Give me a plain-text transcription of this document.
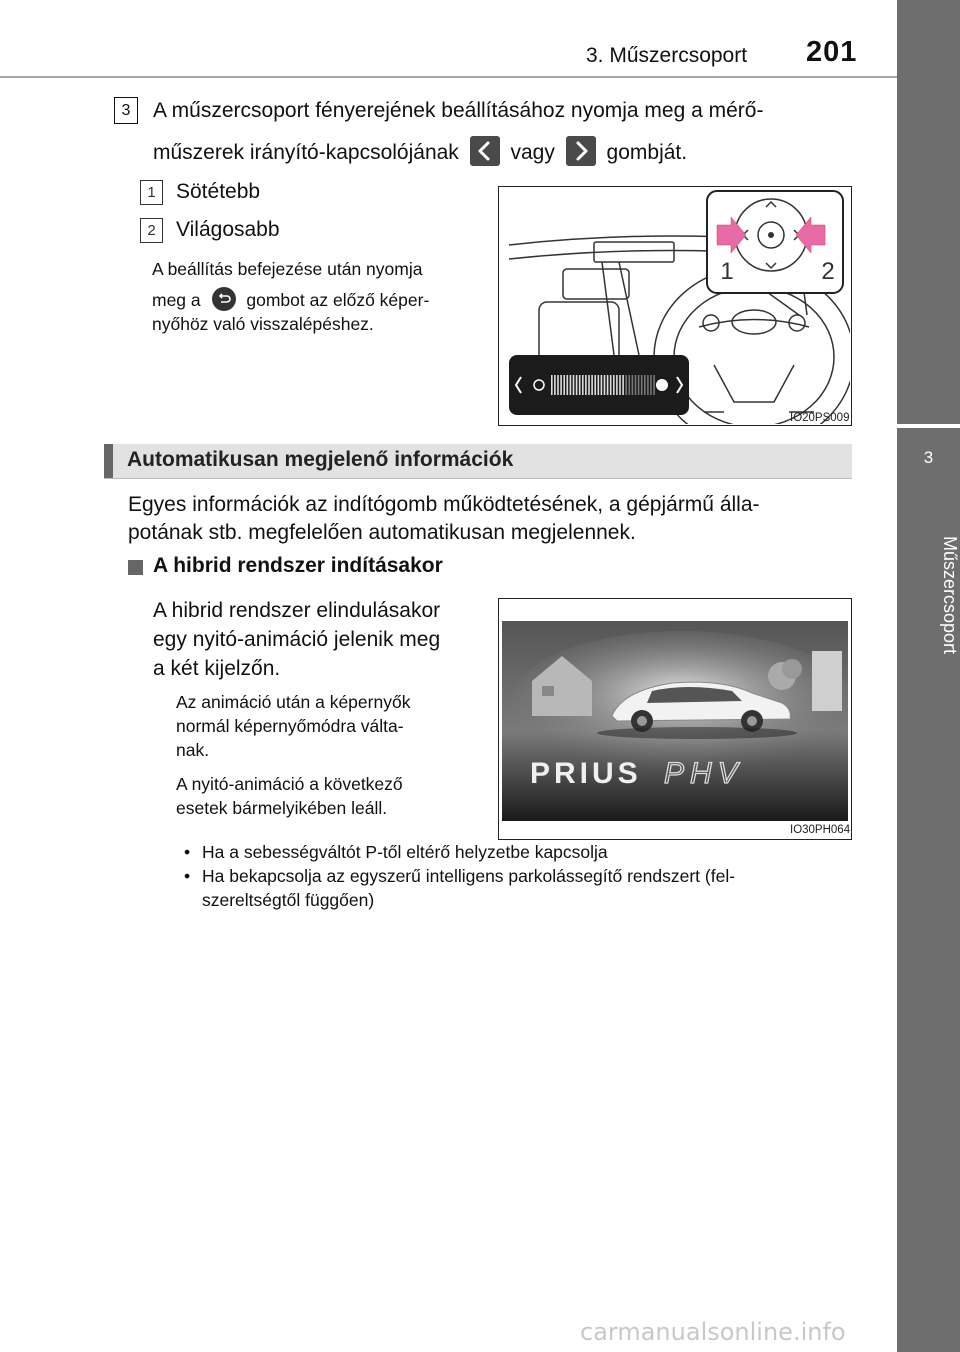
3. Műszercsoport 201
3
Műszercsoport
3	A műszercsoport fényerejének beállításához nyomja meg a mérő-
műszerek irányító-kapcsolójának vagy gombját.
1 Sötétebb
2 Világosabb
A beállítás befejezése után nyomja
meg a	gombot az előző képer-
nyőhöz való visszalépéshez.
1	2
IO20PS009
Automatikusan megjelenő információk
Egyes információk az indítógomb működtetésének, a gépjármű álla-
potának stb. megfelelően automatikusan megjelennek.
A hibrid rendszer indításakor
A hibrid rendszer elindulásakor
egy nyitó-animáció jelenik meg
a két kijelzőn.
Az animáció után a képernyők
normál képernyőmódra válta-
nak.
A nyitó-animáció a következő
esetek bármelyikében leáll.
PRIUS PHV
IO30PH064
• Ha a sebességváltót P-től eltérő helyzetbe kapcsolja
• Ha bekapcsolja az egyszerű intelligens parkolássegítő rendszert (fel-
szereltségtől függően)
carmanualsonline.info
